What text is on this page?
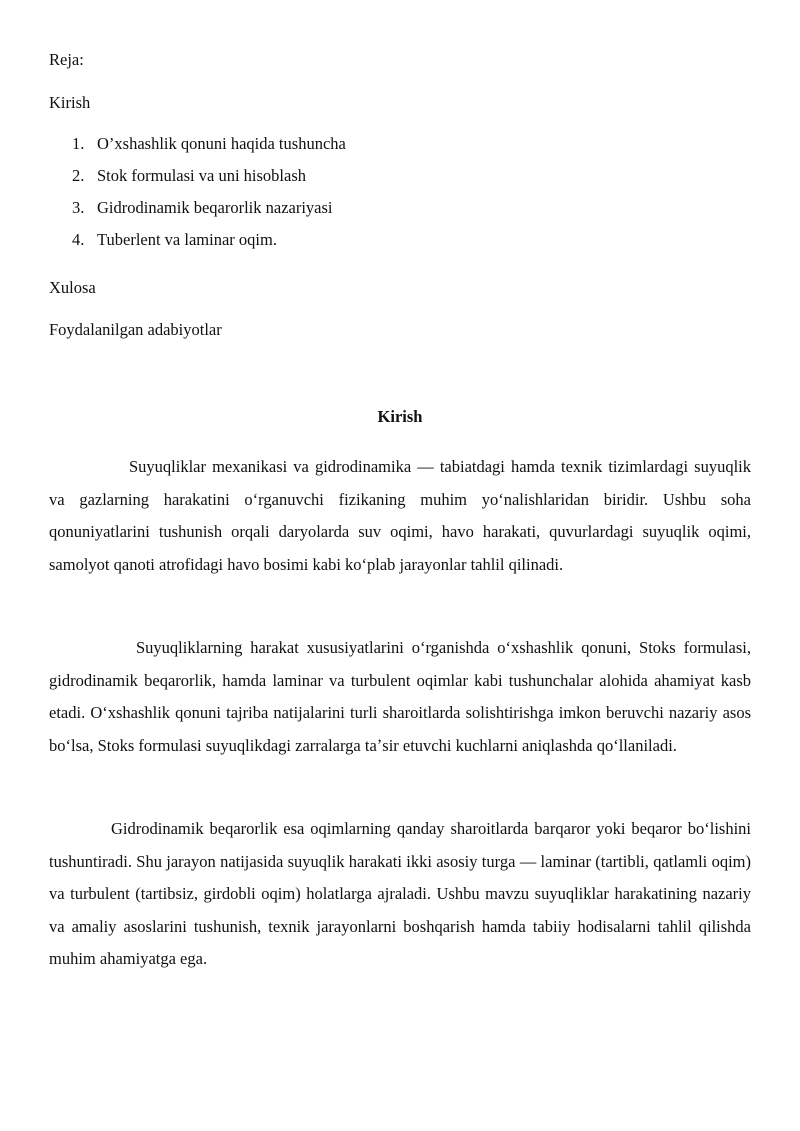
Reja:
Kirish
1. O’xshashlik qonuni haqida tushuncha
2. Stok formulasi va uni hisoblash
3. Gidrodinamik beqarorlik nazariyasi
4. Tuberlent va laminar oqim.
Xulosa
Foydalanilgan adabiyotlar
Kirish

Suyuqliklar mexanikasi va gidrodinamika — tabiatdagi hamda texnik tizimlardagi suyuqlik va gazlarning harakatini oʻrganuvchi fizikaning muhim yoʻnalishlaridan biridir. Ushbu soha qonuniyatlarini tushunish orqali daryolarda suv oqimi, havo harakati, quvurlardagi suyuqlik oqimi, samolyot qanoti atrofidagi havo bosimi kabi koʻplab jarayonlar tahlil qilinadi.

Suyuqliklarning harakat xususiyatlarini oʻrganishda oʻxshashlik qonuni, Stoks formulasi, gidrodinamik beqarorlik, hamda laminar va turbulent oqimlar kabi tushunchalar alohida ahamiyat kasb etadi. Oʻxshashlik qonuni tajriba natijalarini turli sharoitlarda solishtirishga imkon beruvchi nazariy asos boʻlsa, Stoks formulasi suyuqlikdagi zarralarga taʼsir etuvchi kuchlarni aniqlashda qoʻllaniladi.

Gidrodinamik beqarorlik esa oqimlarning qanday sharoitlarda barqaror yoki beqaror boʻlishini tushuntiradi. Shu jarayon natijasida suyuqlik harakati ikki asosiy turga — laminar (tartibli, qatlamli oqim) va turbulent (tartibsiz, girdobli oqim) holatlarga ajraladi. Ushbu mavzu suyuqliklar harakatining nazariy va amaliy asoslarini tushunish, texnik jarayonlarni boshqarish hamda tabiiy hodisalarni tahlil qilishda muhim ahamiyatga ega.
